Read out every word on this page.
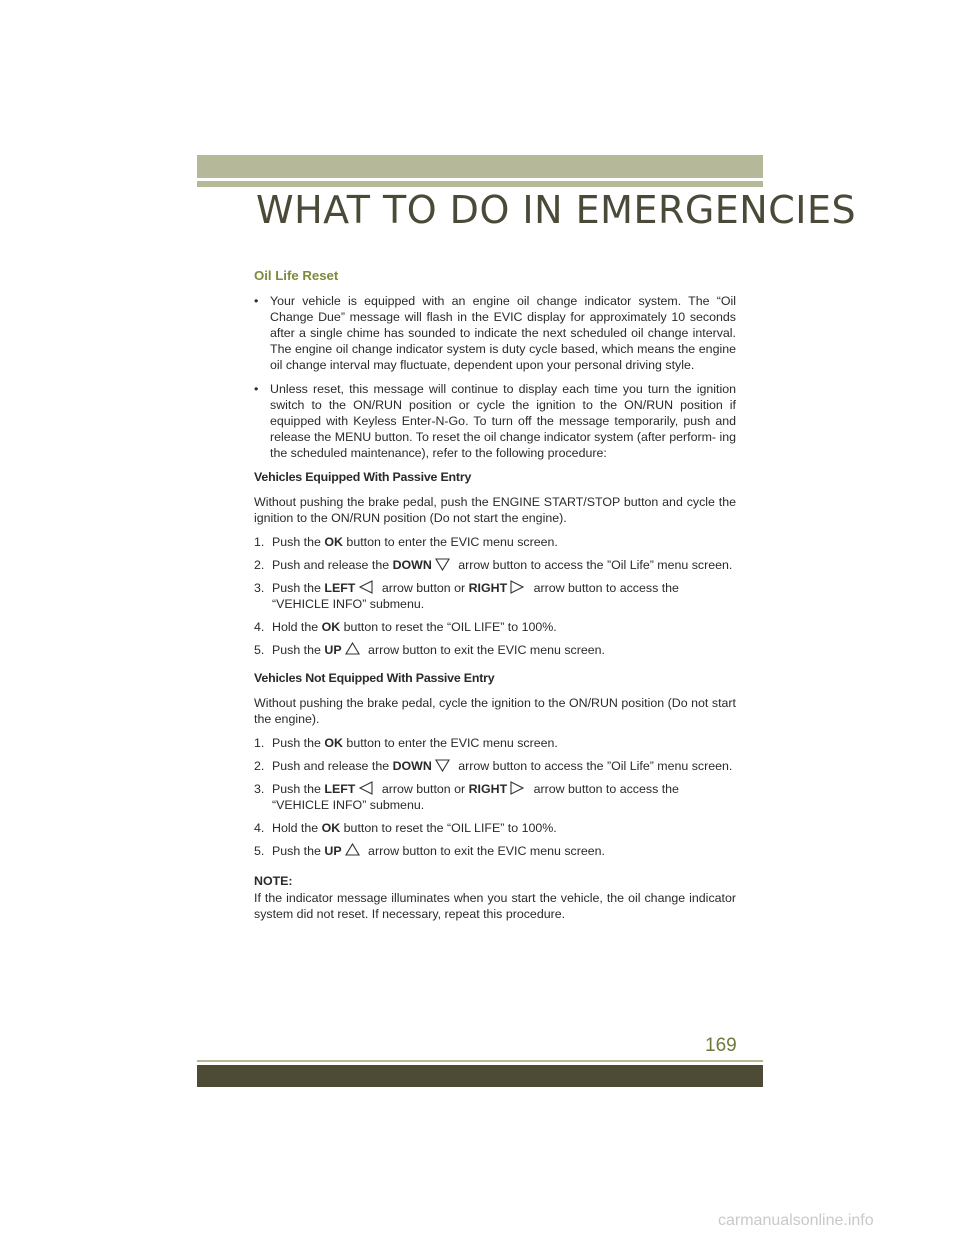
WHAT TO DO IN EMERGENCIES
Oil Life Reset
• Your vehicle is equipped with an engine oil change indicator system. The “Oil Change Due” message will flash in the EVIC display for approximately 10 seconds after a single chime has sounded to indicate the next scheduled oil change interval. The engine oil change indicator system is duty cycle based, which means the engine oil change interval may fluctuate, dependent upon your personal driving style.
• Unless reset, this message will continue to display each time you turn the ignition switch to the ON/RUN position or cycle the ignition to the ON/RUN position if equipped with Keyless Enter-N-Go. To turn off the message temporarily, push and release the MENU button. To reset the oil change indicator system (after perform- ing the scheduled maintenance), refer to the following procedure:
Vehicles Equipped With Passive Entry
Without pushing the brake pedal, push the ENGINE START/STOP button and cycle the ignition to the ON/RUN position (Do not start the engine).
1. Push the OK button to enter the EVIC menu screen.
2. Push and release the DOWN arrow button to access the ”Oil Life” menu screen.
3. Push the LEFT arrow button or RIGHT arrow button to access the “VEHICLE INFO” submenu.
4. Hold the OK button to reset the “OIL LIFE” to 100%.
5. Push the UP arrow button to exit the EVIC menu screen.
Vehicles Not Equipped With Passive Entry
Without pushing the brake pedal, cycle the ignition to the ON/RUN position (Do not start the engine).
1. Push the OK button to enter the EVIC menu screen.
2. Push and release the DOWN arrow button to access the ”Oil Life” menu screen.
3. Push the LEFT arrow button or RIGHT arrow button to access the “VEHICLE INFO” submenu.
4. Hold the OK button to reset the “OIL LIFE” to 100%.
5. Push the UP arrow button to exit the EVIC menu screen.
NOTE:
If the indicator message illuminates when you start the vehicle, the oil change indicator system did not reset. If necessary, repeat this procedure.
169
carmanualsonline.info
